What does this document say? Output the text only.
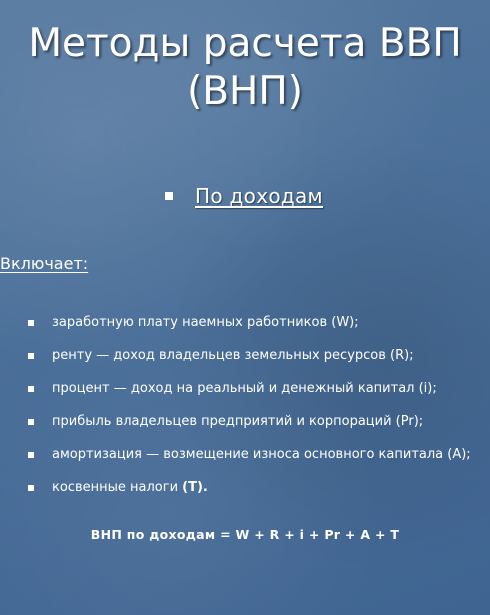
Методы расчета ВВП
(ВНП)
По доходам
Включает:
заработную плату наемных работников (W);
ренту — доход владельцев земельных ресурсов (R);
процент — доход на реальный и денежный капитал (i);
прибыль владельцев предприятий и корпораций (Pr);
амортизация — возмещение износа основного капитала (А);
косвенные налоги (Т).
ВНП по доходам = W + R + i + Pr + A + T
